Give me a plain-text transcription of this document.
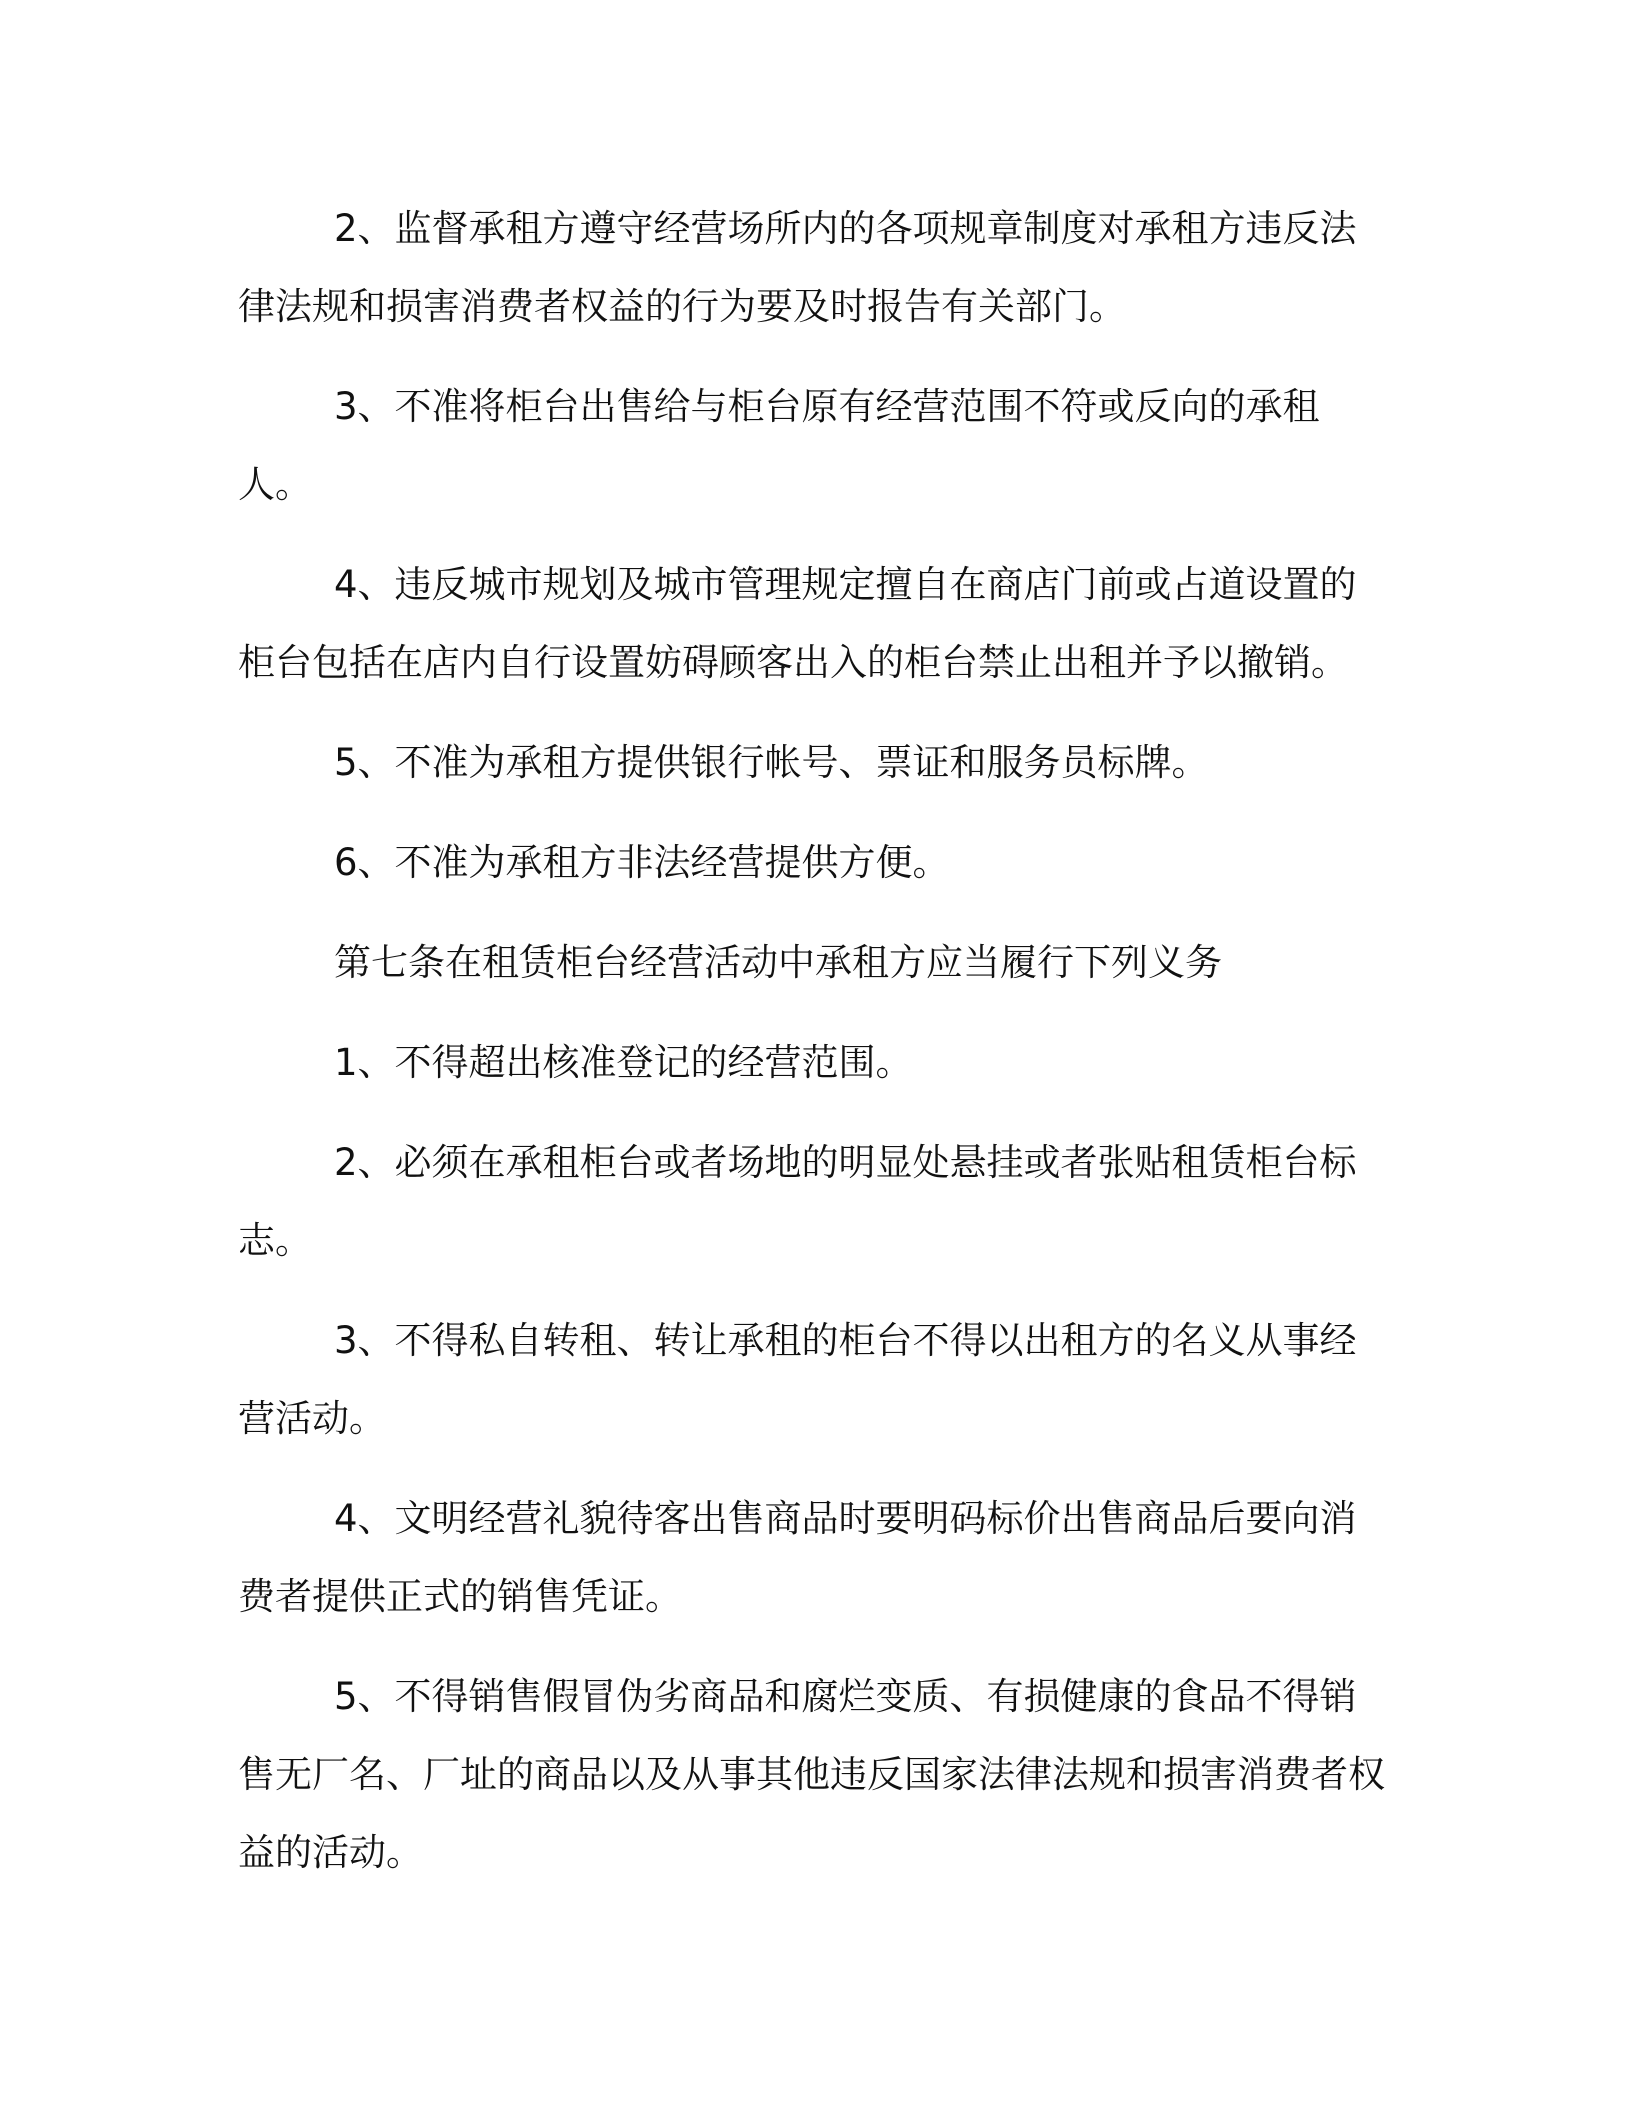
2、监督承租方遵守经营场所内的各项规章制度对承租方违反法律法规和损害消费者权益的行为要及时报告有关部门。

3、不准将柜台出售给与柜台原有经营范围不符或反向的承租人。

4、违反城市规划及城市管理规定擅自在商店门前或占道设置的柜台包括在店内自行设置妨碍顾客出入的柜台禁止出租并予以撤销。

5、不准为承租方提供银行帐号、票证和服务员标牌。

6、不准为承租方非法经营提供方便。

第七条在租赁柜台经营活动中承租方应当履行下列义务

1、不得超出核准登记的经营范围。

2、必须在承租柜台或者场地的明显处悬挂或者张贴租赁柜台标志。

3、不得私自转租、转让承租的柜台不得以出租方的名义从事经营活动。

4、文明经营礼貌待客出售商品时要明码标价出售商品后要向消费者提供正式的销售凭证。

5、不得销售假冒伪劣商品和腐烂变质、有损健康的食品不得销售无厂名、厂址的商品以及从事其他违反国家法律法规和损害消费者权益的活动。
